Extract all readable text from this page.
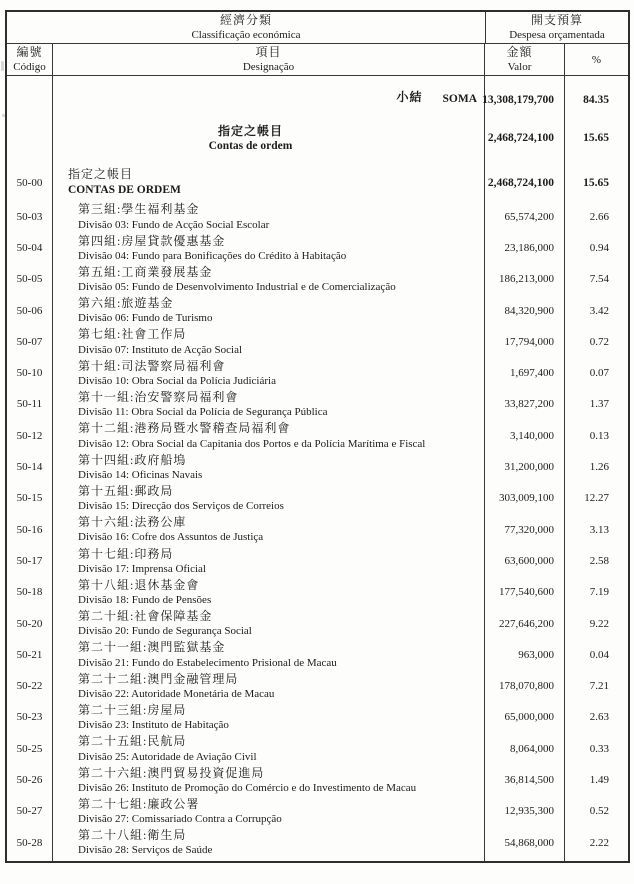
經濟分類
Classificação económica
開支預算
Despesa orçamentada
編號
Código
項目
Designação
金額
Valor
%
小結 SOMA 13,308,179,700	84.35
指定之帳目
Contas de ordem
2,468,724,100	15.65
50-00
指定之帳目
CONTAS DE ORDEM
2,468,724,100	15.65
50-03
第三組:學生福利基金
Divisão 03: Fundo de Acção Social Escolar
65,574,200	2.66
50-04
第四組:房屋貸款優惠基金
Divisão 04: Fundo para Bonificações do Crédito à Habitação
23,186,000	0.94
50-05
第五組:工商業發展基金
Divisão 05: Fundo de Desenvolvimento Industrial e de Comercialização
186,213,000	7.54
50-06
第六組:旅遊基金
Divisão 06: Fundo de Turismo
84,320,900	3.42
50-07
第七組:社會工作局
Divisão 07: Instituto de Acção Social
17,794,000	0.72
50-10
第十組:司法警察局福利會
Divisão 10: Obra Social da Polícia Judiciária
1,697,400	0.07
50-11
第十一組:治安警察局福利會
Divisão 11: Obra Social da Polícia de Segurança Pública
33,827,200	1.37
50-12
第十二組:港務局暨水警稽查局福利會
Divisão 12: Obra Social da Capitania dos Portos e da Polícia Marítima e Fiscal
3,140,000	0.13
50-14
第十四組:政府船塢
Divisão 14: Oficinas Navais
31,200,000	1.26
50-15
第十五組:郵政局
Divisão 15: Direcção dos Serviços de Correios
303,009,100	12.27
50-16
第十六組:法務公庫
Divisão 16: Cofre dos Assuntos de Justiça
77,320,000	3.13
50-17
第十七組:印務局
Divisão 17: Imprensa Oficial
63,600,000	2.58
50-18
第十八組:退休基金會
Divisão 18: Fundo de Pensões
177,540,600	7.19
50-20
第二十組:社會保障基金
Divisão 20: Fundo de Segurança Social
227,646,200	9.22
50-21
第二十一組:澳門監獄基金
Divisão 21: Fundo do Estabelecimento Prisional de Macau
963,000	0.04
50-22
第二十二組:澳門金融管理局
Divisão 22: Autoridade Monetária de Macau
178,070,800	7.21
50-23
第二十三組:房屋局
Divisão 23: Instituto de Habitação
65,000,000	2.63
50-25
第二十五組:民航局
Divisão 25: Autoridade de Aviação Civil
8,064,000	0.33
50-26
第二十六組:澳門貿易投資促進局
Divisão 26: Instituto de Promoção do Comércio e do Investimento de Macau
36,814,500	1.49
50-27
第二十七組:廉政公署
Divisão 27: Comissariado Contra a Corrupção
12,935,300	0.52
50-28
第二十八組:衛生局
Divisão 28: Serviços de Saúde
54,868,000	2.22
